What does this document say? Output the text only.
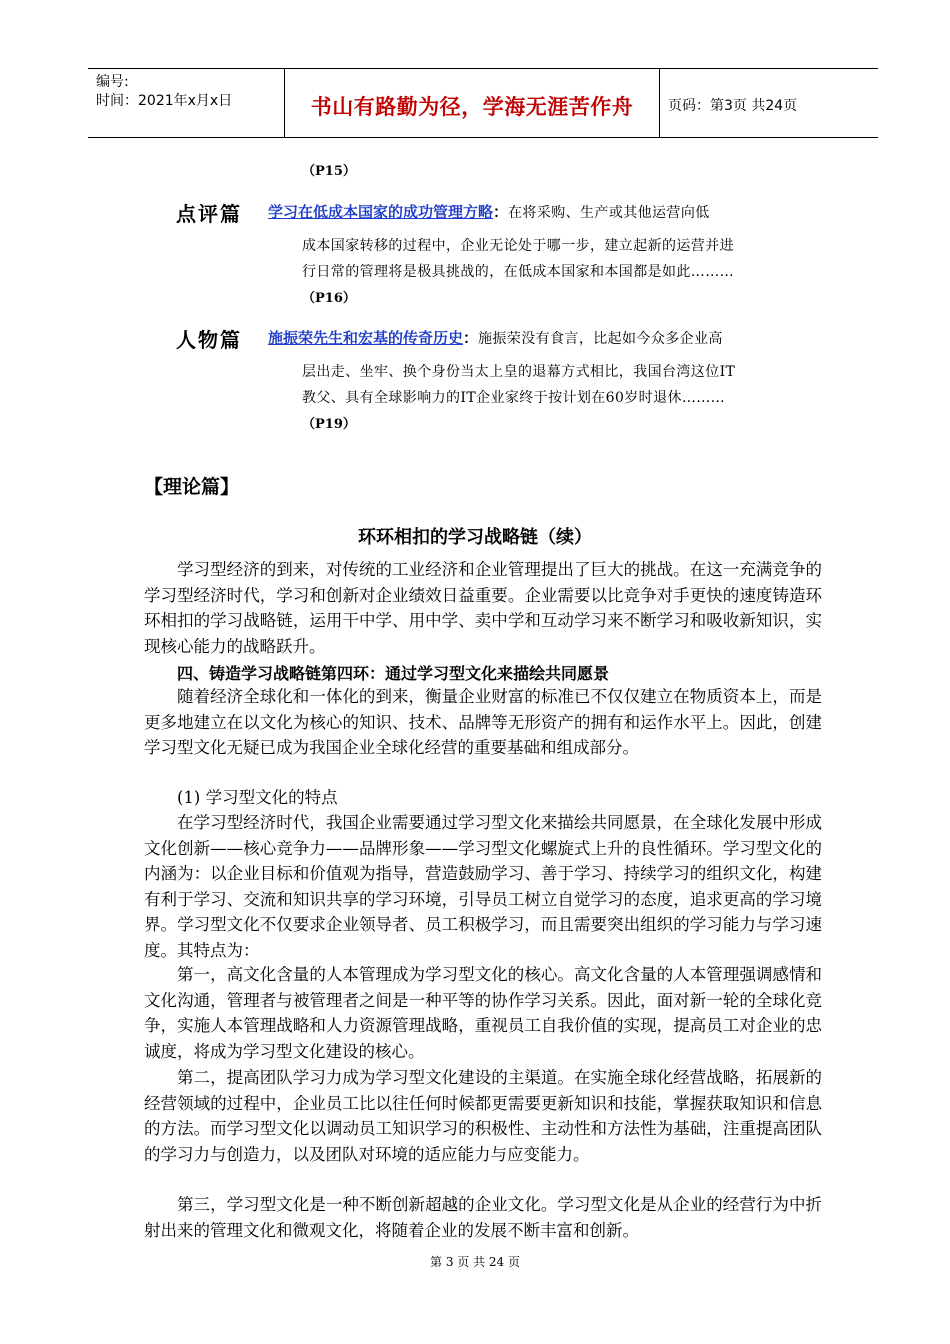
编号:
时间：2021年x月x日	书山有路勤为径，学海无涯苦作舟	页码：第3页 共24页
（P15）
点评篇 学习在低成本国家的成功管理方略：在将采购、生产或其他运营向低
成本国家转移的过程中，企业无论处于哪一步，建立起新的运营并进
行日常的管理将是极具挑战的，在低成本国家和本国都是如此………
（P16）
人物篇 施振荣先生和宏基的传奇历史：施振荣没有食言，比起如今众多企业高
层出走、坐牢、换个身份当太上皇的退幕方式相比，我国台湾这位IT
教父、具有全球影响力的IT企业家终于按计划在60岁时退休………
（P19）
【理论篇】
环环相扣的学习战略链（续）

学习型经济的到来，对传统的工业经济和企业管理提出了巨大的挑战。在这一充满竞争的学习型经济时代，学习和创新对企业绩效日益重要。企业需要以比竞争对手更快的速度铸造环环相扣的学习战略链，运用干中学、用中学、卖中学和互动学习来不断学习和吸收新知识，实现核心能力的战略跃升。

四、铸造学习战略链第四环：通过学习型文化来描绘共同愿景

随着经济全球化和一体化的到来，衡量企业财富的标准已不仅仅建立在物质资本上，而是更多地建立在以文化为核心的知识、技术、品牌等无形资产的拥有和运作水平上。因此，创建学习型文化无疑已成为我国企业全球化经营的重要基础和组成部分。

(1) 学习型文化的特点

在学习型经济时代，我国企业需要通过学习型文化来描绘共同愿景，在全球化发展中形成文化创新——核心竞争力——品牌形象——学习型文化螺旋式上升的良性循环。学习型文化的内涵为：以企业目标和价值观为指导，营造鼓励学习、善于学习、持续学习的组织文化，构建有利于学习、交流和知识共享的学习环境，引导员工树立自觉学习的态度，追求更高的学习境界。学习型文化不仅要求企业领导者、员工积极学习，而且需要突出组织的学习能力与学习速度。其特点为：

第一，高文化含量的人本管理成为学习型文化的核心。高文化含量的人本管理强调感情和文化沟通，管理者与被管理者之间是一种平等的协作学习关系。因此，面对新一轮的全球化竞争，实施人本管理战略和人力资源管理战略，重视员工自我价值的实现，提高员工对企业的忠诚度，将成为学习型文化建设的核心。

第二，提高团队学习力成为学习型文化建设的主渠道。在实施全球化经营战略，拓展新的经营领域的过程中，企业员工比以往任何时候都更需要更新知识和技能，掌握获取知识和信息的方法。而学习型文化以调动员工知识学习的积极性、主动性和方法性为基础，注重提高团队的学习力与创造力，以及团队对环境的适应能力与应变能力。

第三，学习型文化是一种不断创新超越的企业文化。学习型文化是从企业的经营行为中折射出来的管理文化和微观文化，将随着企业的发展不断丰富和创新。

第 3 页 共 24 页
